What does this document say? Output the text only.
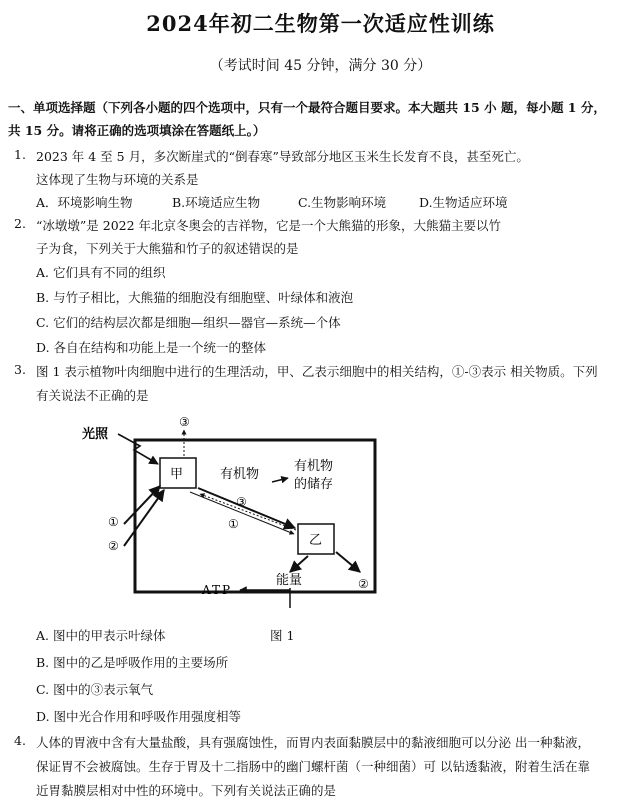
2024年初二生物第一次适应性训练
（考试时间 45 分钟，满分 30 分）
一、单项选择题（下列各小题的四个选项中，只有一个最符合题目要求。本大题共 15 小 题，每小题 1 分，
共 15 分。请将正确的选项填涂在答题纸上。）
1. 2023 年 4 至 5 月，多次断崖式的“倒春寒”导致部分地区玉米生长发育不良，甚至死亡。
这体现了生物与环境的关系是
A．环境影响生物	B.环境适应生物	C.生物影响环境	D.生物适应环境
2. “冰墩墩”是 2022 年北京冬奥会的吉祥物，它是一个大熊猫的形象，大熊猫主要以竹
子为食，下列关于大熊猫和竹子的叙述错误的是
A. 它们具有不同的组织
B. 与竹子相比，大熊猫的细胞没有细胞壁、叶绿体和液泡
C. 它们的结构层次都是细胞—组织—器官—系统—个体
D. 各自在结构和功能上是一个统一的整体
3. 图 1 表示植物叶肉细胞中进行的生理活动，甲、乙表示细胞中的相关结构，①-③表示 相关物质。下列
有关说法不正确的是
光照
③
甲	有机物
有机物
的储存
③
①
乙
①
②
②
能量
ATP
A. 图中的甲表示叶绿体	图 1
B. 图中的乙是呼吸作用的主要场所
C. 图中的③表示氧气
D. 图中光合作用和呼吸作用强度相等
4. 人体的胃液中含有大量盐酸，具有强腐蚀性，而胃内表面黏膜层中的黏液细胞可以分泌 出一种黏液，
保证胃不会被腐蚀。生存于胃及十二指肠中的幽门螺杆菌（一种细菌）可 以钻透黏液，附着生活在靠
近胃黏膜层相对中性的环境中。下列有关说法正确的是
